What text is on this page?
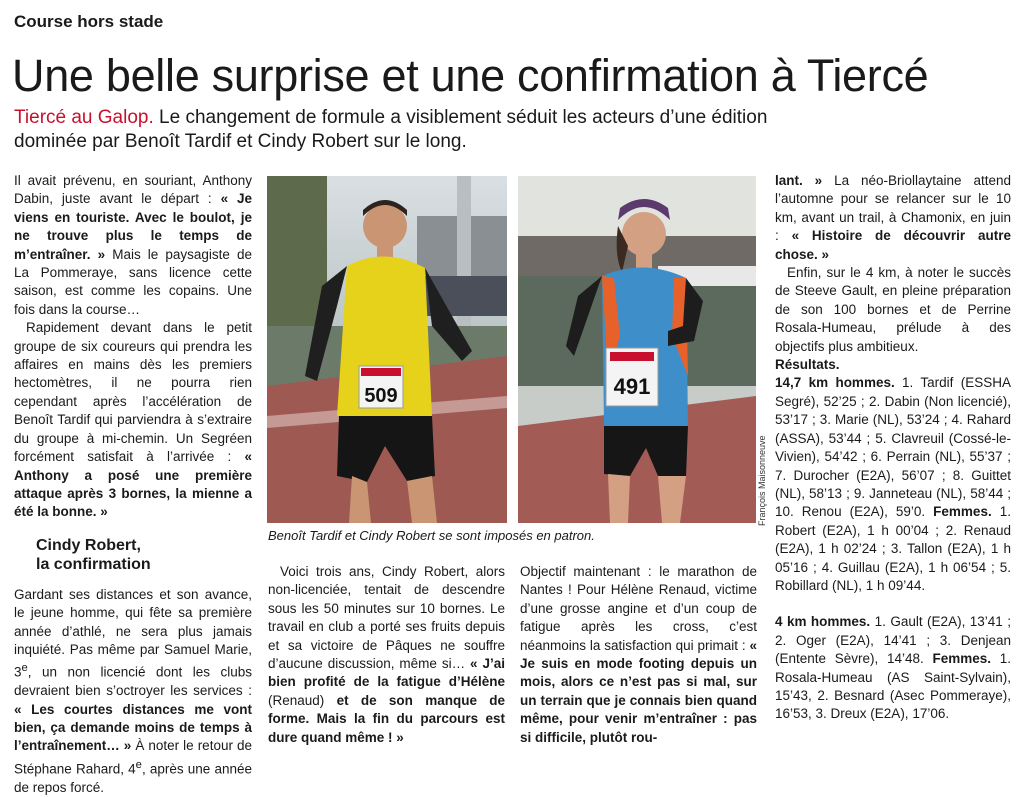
Course hors stade
Une belle surprise et une confirmation à Tiercé
Tiercé au Galop. Le changement de formule a visiblement séduit les acteurs d’une édition dominée par Benoît Tardif et Cindy Robert sur le long.

Il avait prévenu, en souriant, Anthony Dabin, juste avant le départ : « Je viens en touriste. Avec le boulot, je ne trouve plus le temps de m’entraîner. » Mais le paysagiste de La Pommeraye, sans licence cette saison, est comme les copains. Une fois dans la course…

Rapidement devant dans le petit groupe de six coureurs qui prendra les affaires en mains dès les premiers hectomètres, il ne pourra rien cependant après l’accélération de Benoît Tardif qui parviendra à s’extraire du groupe à mi-chemin. Un Segréen forcément satisfait à l’arrivée : « Anthony a posé une première attaque après 3 bornes, la mienne a été la bonne. »

Cindy Robert,
la confirmation

Gardant ses distances et son avance, le jeune homme, qui fête sa première année d’athlé, ne sera plus jamais inquiété. Pas même par Samuel Marie, 3e, un non licencié dont les clubs devraient bien s’octroyer les services : « Les courtes distances me vont bien, ça demande moins de temps à l’entraînement… » À noter le retour de Stéphane Rahard, 4e, après une année de repos forcé.

509	491
François Maisonneuve
Benoît Tardif et Cindy Robert se sont imposés en patron.

Voici trois ans, Cindy Robert, alors non-licenciée, tentait de descendre sous les 50 minutes sur 10 bornes. Le travail en club a porté ses fruits depuis et sa victoire de Pâques ne souffre d’aucune discussion, même si… « J’ai bien profité de la fatigue d’Hélène (Renaud) et de son manque de forme. Mais la fin du parcours est dure quand même ! »

Objectif maintenant : le marathon de Nantes ! Pour Hélène Renaud, victime d’une grosse angine et d’un coup de fatigue après les cross, c’est néanmoins la satisfaction qui primait : « Je suis en mode footing depuis un mois, alors ce n’est pas si mal, sur un terrain que je connais bien quand même, pour venir m’entraîner : pas si difficile, plutôt rou-

lant. » La néo-Briollaytaine attend l’automne pour se relancer sur le 10 km, avant un trail, à Chamonix, en juin : « Histoire de découvrir autre chose. »

Enfin, sur le 4 km, à noter le succès de Steeve Gault, en pleine préparation de son 100 bornes et de Perrine Rosala-Humeau, prélude à des objectifs plus ambitieux.

Résultats.

14,7 km hommes. 1. Tardif (ESSHA Segré), 52’25 ; 2. Dabin (Non licencié), 53’17 ; 3. Marie (NL), 53’24 ; 4. Rahard (ASSA), 53’44 ; 5. Clavreuil (Cossé-le-Vivien), 54’42 ; 6. Perrain (NL), 55’37 ; 7. Durocher (E2A), 56’07 ; 8. Guittet (NL), 58’13 ; 9. Janneteau (NL), 58’44 ; 10. Renou (E2A), 59’0. Femmes. 1. Robert (E2A), 1 h 00’04 ; 2. Renaud (E2A), 1 h 02’24 ; 3. Tallon (E2A), 1 h 05’16 ; 4. Guillau (E2A), 1 h 06’54 ; 5. Robillard (NL), 1 h 09’44.

4 km hommes. 1. Gault (E2A), 13’41 ; 2. Oger (E2A), 14’41 ; 3. Denjean (Entente Sèvre), 14’48. Femmes. 1. Rosala-Humeau (AS Saint-Sylvain), 15’43, 2. Besnard (Asec Pommeraye), 16’53, 3. Dreux (E2A), 17’06.
